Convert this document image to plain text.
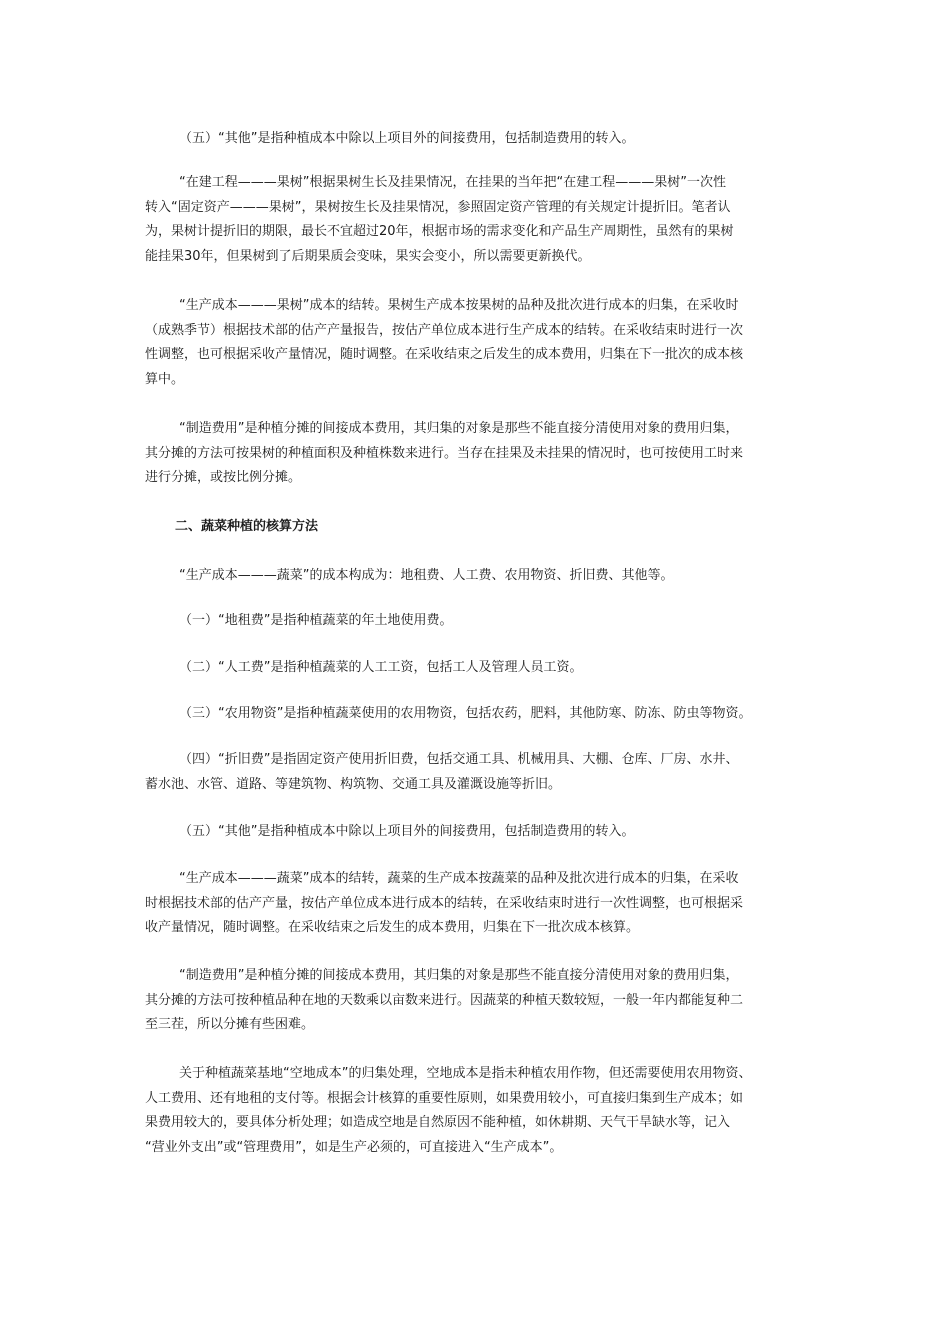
（五）“其他”是指种植成本中除以上项目外的间接费用，包括制造费用的转入。

“在建工程———果树”根据果树生长及挂果情况，在挂果的当年把“在建工程———果树”一次性
转入“固定资产———果树”，果树按生长及挂果情况，参照固定资产管理的有关规定计提折旧。笔者认
为，果树计提折旧的期限，最长不宜超过20年，根据市场的需求变化和产品生产周期性，虽然有的果树
能挂果30年，但果树到了后期果质会变味，果实会变小，所以需要更新换代。

“生产成本———果树”成本的结转。果树生产成本按果树的品种及批次进行成本的归集，在采收时
（成熟季节）根据技术部的估产产量报告，按估产单位成本进行生产成本的结转。在采收结束时进行一次
性调整，也可根据采收产量情况，随时调整。在采收结束之后发生的成本费用，归集在下一批次的成本核
算中。

“制造费用”是种植分摊的间接成本费用，其归集的对象是那些不能直接分清使用对象的费用归集，
其分摊的方法可按果树的种植面积及种植株数来进行。当存在挂果及未挂果的情况时，也可按使用工时来
进行分摊，或按比例分摊。

二、蔬菜种植的核算方法

“生产成本———蔬菜”的成本构成为：地租费、人工费、农用物资、折旧费、其他等。

（一）“地租费”是指种植蔬菜的年土地使用费。

（二）“人工费”是指种植蔬菜的人工工资，包括工人及管理人员工资。

（三）“农用物资”是指种植蔬菜使用的农用物资，包括农药，肥料，其他防寒、防冻、防虫等物资。

（四）“折旧费”是指固定资产使用折旧费，包括交通工具、机械用具、大棚、仓库、厂房、水井、
蓄水池、水管、道路、等建筑物、构筑物、交通工具及灌溉设施等折旧。

（五）“其他”是指种植成本中除以上项目外的间接费用，包括制造费用的转入。

“生产成本———蔬菜”成本的结转，蔬菜的生产成本按蔬菜的品种及批次进行成本的归集，在采收
时根据技术部的估产产量，按估产单位成本进行成本的结转，在采收结束时进行一次性调整，也可根据采
收产量情况，随时调整。在采收结束之后发生的成本费用，归集在下一批次成本核算。

“制造费用”是种植分摊的间接成本费用，其归集的对象是那些不能直接分清使用对象的费用归集，
其分摊的方法可按种植品种在地的天数乘以亩数来进行。因蔬菜的种植天数较短，一般一年内都能复种二
至三茬，所以分摊有些困难。

关于种植蔬菜基地“空地成本”的归集处理，空地成本是指未种植农用作物，但还需要使用农用物资、
人工费用、还有地租的支付等。根据会计核算的重要性原则，如果费用较小，可直接归集到生产成本；如
果费用较大的，要具体分析处理；如造成空地是自然原因不能种植，如休耕期、天气干旱缺水等，记入
“营业外支出”或“管理费用”，如是生产必须的，可直接进入“生产成本”。
